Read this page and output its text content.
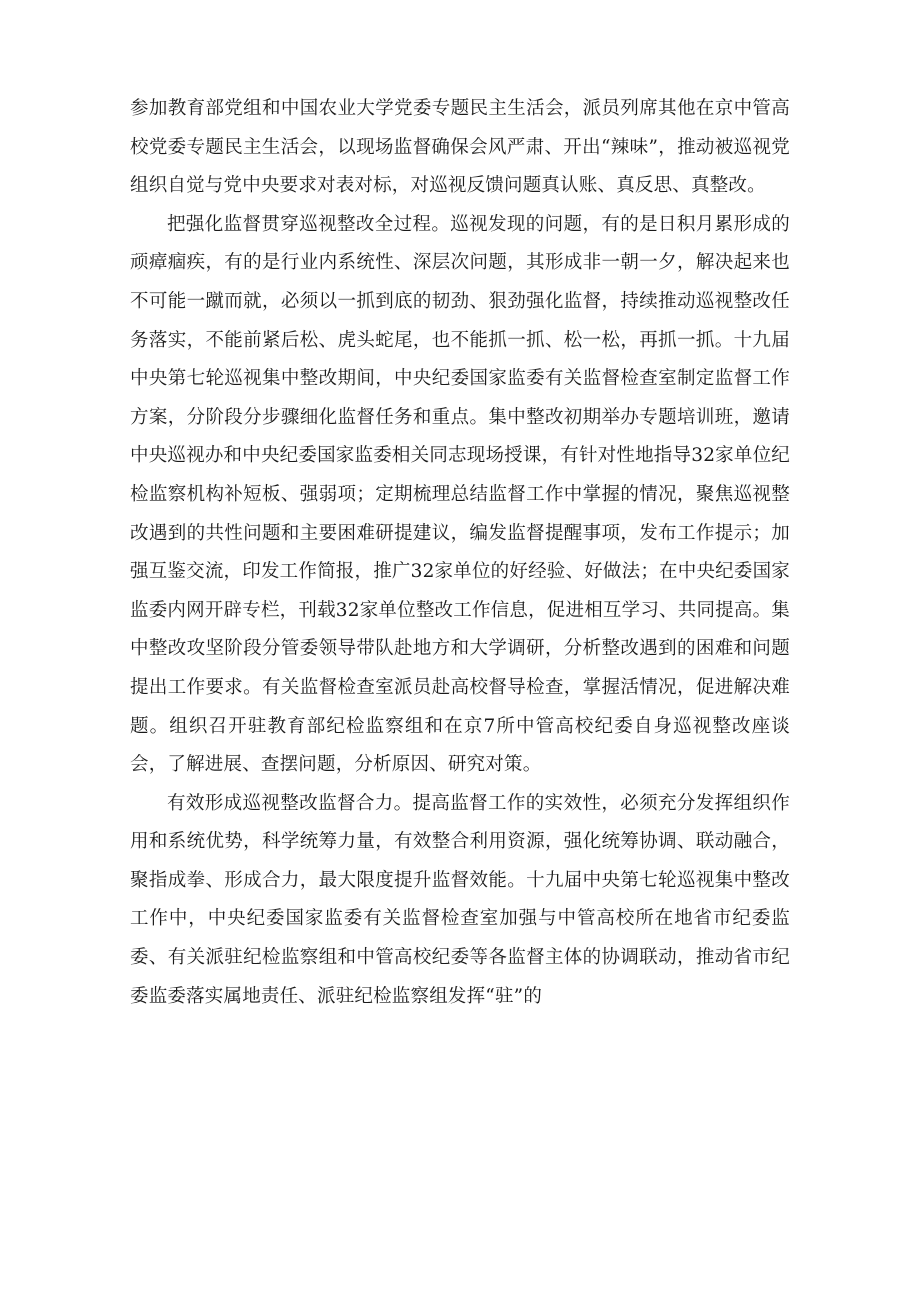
参加教育部党组和中国农业大学党委专题民主生活会，派员列席其他在京中管高校党委专题民主生活会，以现场监督确保会风严肃、开出“辣味”，推动被巡视党组织自觉与党中央要求对表对标，对巡视反馈问题真认账、真反思、真整改。

把强化监督贯穿巡视整改全过程。巡视发现的问题，有的是日积月累形成的顽瘴痼疾，有的是行业内系统性、深层次问题，其形成非一朝一夕，解决起来也不可能一蹴而就，必须以一抓到底的韧劲、狠劲强化监督，持续推动巡视整改任务落实，不能前紧后松、虎头蛇尾，也不能抓一抓、松一松，再抓一抓。十九届中央第七轮巡视集中整改期间，中央纪委国家监委有关监督检查室制定监督工作方案，分阶段分步骤细化监督任务和重点。集中整改初期举办专题培训班，邀请中央巡视办和中央纪委国家监委相关同志现场授课，有针对性地指导32家单位纪检监察机构补短板、强弱项；定期梳理总结监督工作中掌握的情况，聚焦巡视整改遇到的共性问题和主要困难研提建议，编发监督提醒事项，发布工作提示；加强互鉴交流，印发工作简报，推广32家单位的好经验、好做法；在中央纪委国家监委内网开辟专栏，刊载32家单位整改工作信息，促进相互学习、共同提高。集中整改攻坚阶段分管委领导带队赴地方和大学调研，分析整改遇到的困难和问题提出工作要求。有关监督检查室派员赴高校督导检查，掌握活情况，促进解决难题。组织召开驻教育部纪检监察组和在京7所中管高校纪委自身巡视整改座谈会，了解进展、查摆问题，分析原因、研究对策。

有效形成巡视整改监督合力。提高监督工作的实效性，必须充分发挥组织作用和系统优势，科学统筹力量，有效整合利用资源，强化统筹协调、联动融合，聚指成拳、形成合力，最大限度提升监督效能。十九届中央第七轮巡视集中整改工作中，中央纪委国家监委有关监督检查室加强与中管高校所在地省市纪委监委、有关派驻纪检监察组和中管高校纪委等各监督主体的协调联动，推动省市纪委监委落实属地责任、派驻纪检监察组发挥“驻”的
